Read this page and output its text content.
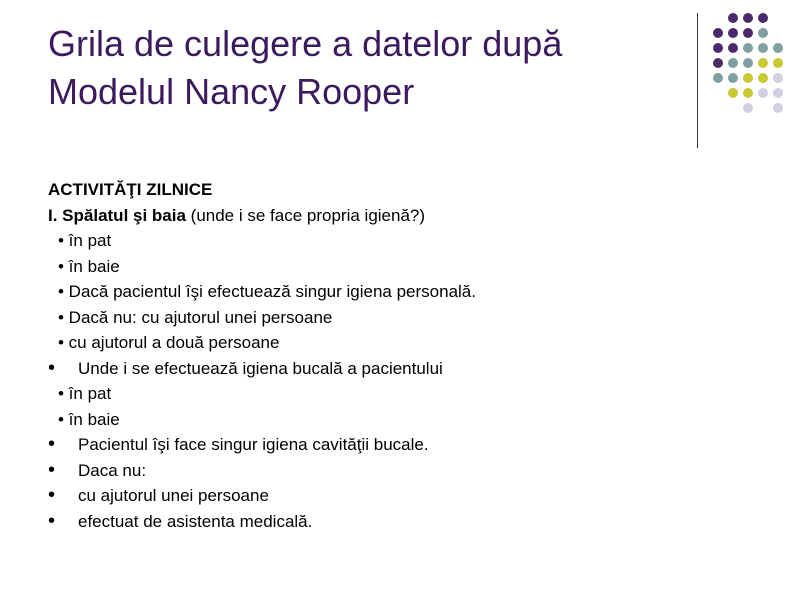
Grila de culegere a datelor după
Modelul Nancy Rooper
ACTIVITĂŢI ZILNICE
I. Spălatul şi baia (unde i se face propria igienă?)
• în pat
• în baie
• Dacă pacientul îşi efectuează singur igiena personală.
• Dacă nu: cu ajutorul unei persoane
• cu ajutorul a două persoane
• Unde i se efectuează igiena bucală a pacientului
• în pat
• în baie
• Pacientul îşi face singur igiena cavităţii bucale.
• Daca nu:
• cu ajutorul unei persoane
• efectuat de asistenta medicală.
